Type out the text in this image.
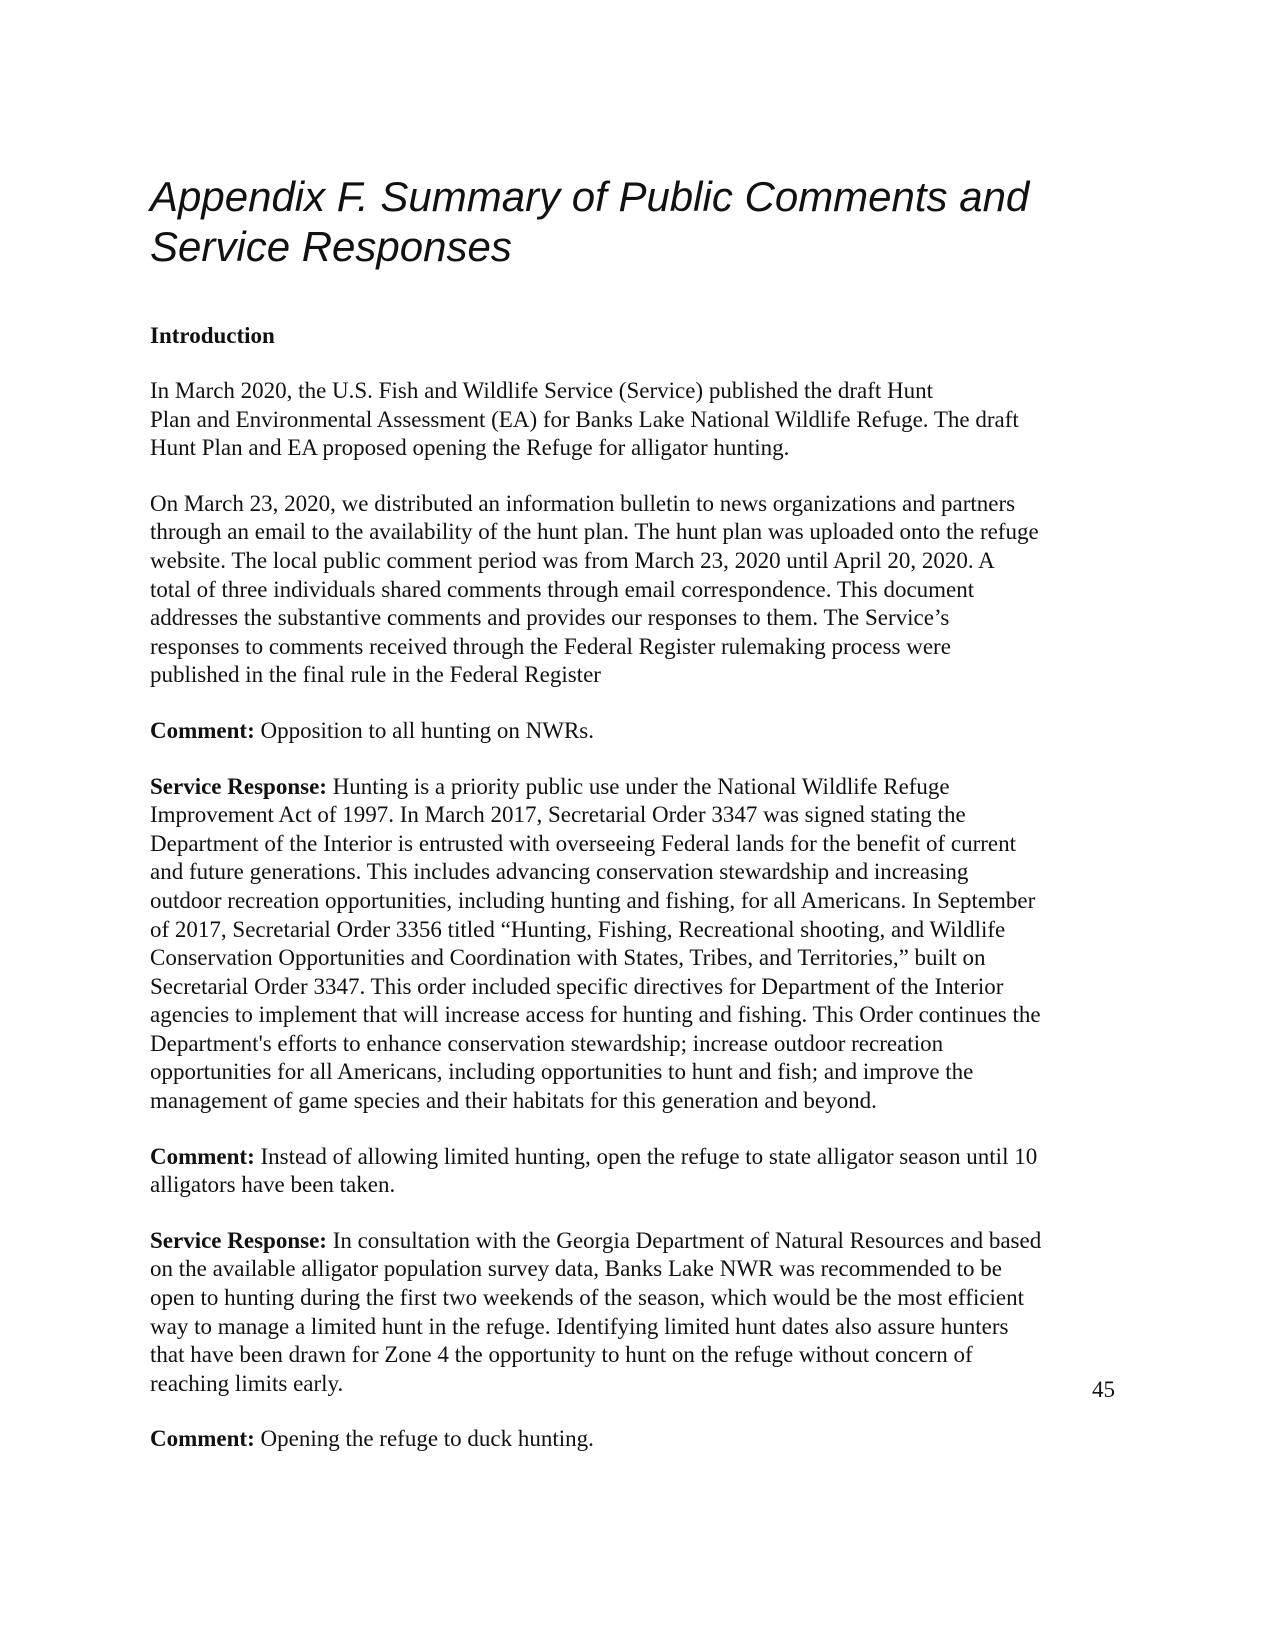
Appendix F. Summary of Public Comments and
Service Responses
Introduction
In March 2020, the U.S. Fish and Wildlife Service (Service) published the draft Hunt
Plan and Environmental Assessment (EA) for Banks Lake National Wildlife Refuge. The draft
Hunt Plan and EA proposed opening the Refuge for alligator hunting.
On March 23, 2020, we distributed an information bulletin to news organizations and partners
through an email to the availability of the hunt plan. The hunt plan was uploaded onto the refuge
website. The local public comment period was from March 23, 2020 until April 20, 2020. A
total of three individuals shared comments through email correspondence. This document
addresses the substantive comments and provides our responses to them. The Service’s
responses to comments received through the Federal Register rulemaking process were
published in the final rule in the Federal Register
Comment: Opposition to all hunting on NWRs.
Service Response: Hunting is a priority public use under the National Wildlife Refuge
Improvement Act of 1997. In March 2017, Secretarial Order 3347 was signed stating the
Department of the Interior is entrusted with overseeing Federal lands for the benefit of current
and future generations. This includes advancing conservation stewardship and increasing
outdoor recreation opportunities, including hunting and fishing, for all Americans. In September
of 2017, Secretarial Order 3356 titled “Hunting, Fishing, Recreational shooting, and Wildlife
Conservation Opportunities and Coordination with States, Tribes, and Territories,” built on
Secretarial Order 3347. This order included specific directives for Department of the Interior
agencies to implement that will increase access for hunting and fishing. This Order continues the
Department's efforts to enhance conservation stewardship; increase outdoor recreation
opportunities for all Americans, including opportunities to hunt and fish; and improve the
management of game species and their habitats for this generation and beyond.
Comment: Instead of allowing limited hunting, open the refuge to state alligator season until 10
alligators have been taken.
Service Response: In consultation with the Georgia Department of Natural Resources and based
on the available alligator population survey data, Banks Lake NWR was recommended to be
open to hunting during the first two weekends of the season, which would be the most efficient
way to manage a limited hunt in the refuge. Identifying limited hunt dates also assure hunters
that have been drawn for Zone 4 the opportunity to hunt on the refuge without concern of
reaching limits early.
Comment: Opening the refuge to duck hunting.
45
